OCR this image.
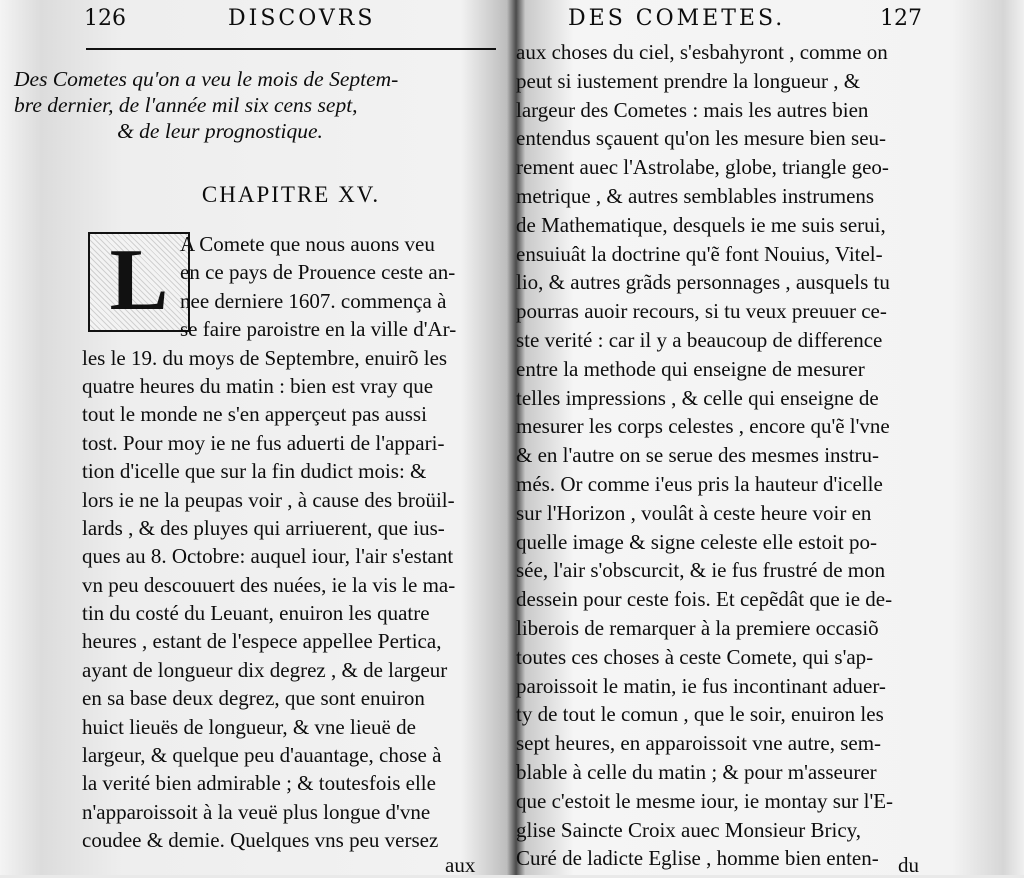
126	DISCOVRS
Des Cometes qu'on a veu le mois de Septem-
bre dernier, de l'année mil six cens sept,
& de leur prognostique.
CHAPITRE XV.
L A Comete que nous auons veu
en ce pays de Prouence ceste an-
nee derniere 1607. commença à
se faire paroistre en la ville d'Ar-
les le 19. du moys de Septembre, enuirõ les
quatre heures du matin : bien est vray que
tout le monde ne s'en apperçeut pas aussi
tost. Pour moy ie ne fus aduerti de l'appari-
tion d'icelle que sur la fin dudict mois: &
lors ie ne la peupas voir , à cause des broüil-
lards , & des pluyes qui arriuerent, que ius-
ques au 8. Octobre: auquel iour, l'air s'estant
vn peu descouuert des nuées, ie la vis le ma-
tin du costé du Leuant, enuiron les quatre
heures , estant de l'espece appellee Pertica,
ayant de longueur dix degrez , & de largeur
en sa base deux degrez, que sont enuiron
huict lieuës de longueur, & vne lieuë de
largeur, & quelque peu d'auantage, chose à
la verité bien admirable ; & toutesfois elle
n'apparoissoit à la veuë plus longue d'vne
coudee & demie. Quelques vns peu versez
aux
DES COMETES.	127
aux choses du ciel, s'esbahyront , comme on
peut si iustement prendre la longueur , &
largeur des Cometes : mais les autres bien
entendus sçauent qu'on les mesure bien seu-
rement auec l'Astrolabe, globe, triangle geo-
metrique , & autres semblables instrumens
de Mathematique, desquels ie me suis serui,
ensuiuât la doctrine qu'ẽ font Nouius, Vitel-
lio, & autres grãds personnages , ausquels tu
pourras auoir recours, si tu veux preuuer ce-
ste verité : car il y a beaucoup de difference
entre la methode qui enseigne de mesurer
telles impressions , & celle qui enseigne de
mesurer les corps celestes , encore qu'ẽ l'vne
& en l'autre on se serue des mesmes instru-
més. Or comme i'eus pris la hauteur d'icelle
sur l'Horizon , voulât à ceste heure voir en
quelle image & signe celeste elle estoit po-
sée, l'air s'obscurcit, & ie fus frustré de mon
dessein pour ceste fois. Et cepẽdât que ie de-
liberois de remarquer à la premiere occasiõ
toutes ces choses à ceste Comete, qui s'ap-
paroissoit le matin, ie fus incontinant aduer-
ty de tout le comun , que le soir, enuiron les
sept heures, en apparoissoit vne autre, sem-
blable à celle du matin ; & pour m'asseurer
que c'estoit le mesme iour, ie montay sur l'E-
glise Saincte Croix auec Monsieur Bricy,
Curé de ladicte Eglise , homme bien enten- du
